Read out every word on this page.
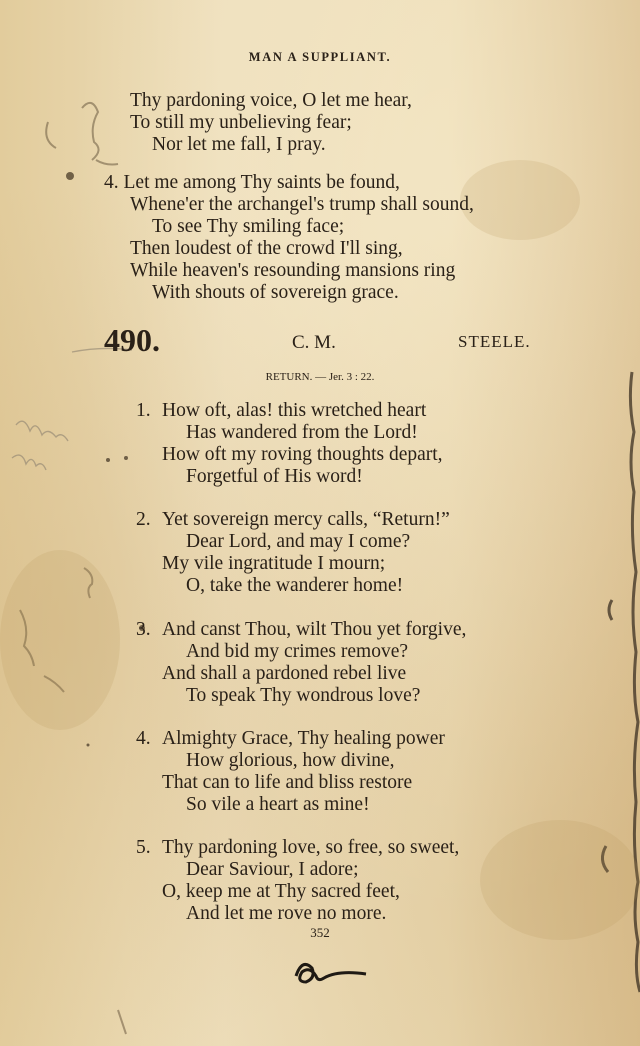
MAN A SUPPLIANT.
Thy pardoning voice, O let me hear,
To still my unbelieving fear;
Nor let me fall, I pray.
4. Let me among Thy saints be found,
Whene'er the archangel's trump shall sound,
To see Thy smiling face;
Then loudest of the crowd I'll sing,
While heaven's resounding mansions ring
With shouts of sovereign grace.
490.	C. M.	STEELE.
RETURN. — Jer. 3 : 22.
1. How oft, alas! this wretched heart
Has wandered from the Lord!
How oft my roving thoughts depart,
Forgetful of His word!
2. Yet sovereign mercy calls, “Return!”
Dear Lord, and may I come?
My vile ingratitude I mourn;
O, take the wanderer home!
3. And canst Thou, wilt Thou yet forgive,
And bid my crimes remove?
And shall a pardoned rebel live
To speak Thy wondrous love?
4. Almighty Grace, Thy healing power
How glorious, how divine,
That can to life and bliss restore
So vile a heart as mine!
5. Thy pardoning love, so free, so sweet,
Dear Saviour, I adore;
O, keep me at Thy sacred feet,
And let me rove no more.
352
